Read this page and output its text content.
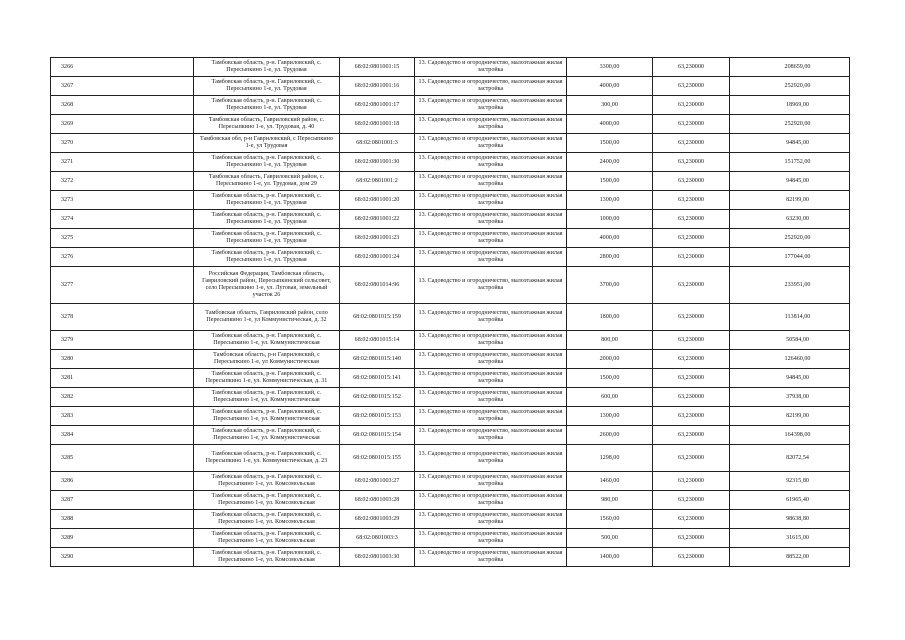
3266	Тамбовская область, р-н. Гавриловский, с. Пересыпкино 1-е, ул. Трудовая	68:02:0801001:15	13. Садоводство и огородничество, малоэтажная жилая застройка	3300,00	63,230000	208659,00
3267	Тамбовская область, р-н. Гавриловский, с. Пересыпкино 1-е, ул. Трудовая	68:02:0801001:16	13. Садоводство и огородничество, малоэтажная жилая застройка	4000,00	63,230000	252920,00
3268	Тамбовская область, р-н. Гавриловский, с. Пересыпкино 1-е, ул. Трудовая	68:02:0801001:17	13. Садоводство и огородничество, малоэтажная жилая застройка	300,00	63,230000	18969,00
3269	Тамбовская область, Гавриловский район, с. Пересыпкино 1-е, ул. Трудовая, д. 40	68:02:0801001:18	13. Садоводство и огородничество, малоэтажная жилая застройка	4000,00	63,230000	252920,00
3270	Тамбовская обл, р-н Гавриловский, с Пересыпкино 1-е, ул Трудовая	68:02:0801001:3	13. Садоводство и огородничество, малоэтажная жилая застройка	1500,00	63,230000	94845,00
3271	Тамбовская область, р-н. Гавриловский, с. Пересыпкино 1-е, ул. Трудовая	68:02:0801001:30	13. Садоводство и огородничество, малоэтажная жилая застройка	2400,00	63,230000	151752,00
3272	Тамбовская область, Гавриловский район, с. Пересыпкино 1-е, ул. Трудовая, дом 29	68:02:0801001:2	13. Садоводство и огородничество, малоэтажная жилая застройка	1500,00	63,230000	94845,00
3273	Тамбовская область, р-н. Гавриловский, с. Пересыпкино 1-е, ул. Трудовая	68:02:0801001:20	13. Садоводство и огородничество, малоэтажная жилая застройка	1300,00	63,230000	82199,00
3274	Тамбовская область, р-н. Гавриловский, с. Пересыпкино 1-е, ул. Трудовая	68:02:0801001:22	13. Садоводство и огородничество, малоэтажная жилая застройка	1000,00	63,230000	63230,00
3275	Тамбовская область, р-н. Гавриловский, с. Пересыпкино 1-е, ул. Трудовая	68:02:0801001:23	13. Садоводство и огородничество, малоэтажная жилая застройка	4000,00	63,230000	252920,00
3276	Тамбовская область, р-н. Гавриловский, с. Пересыпкино 1-е, ул. Трудовая	68:02:0801001:24	13. Садоводство и огородничество, малоэтажная жилая застройка	2800,00	63,230000	177044,00
3277	Российская Федерация, Тамбовская область, Гавриловский район, Пересыпкинский сельсовет, село Пересыпкино 1-е, ул. Луговая, земельный участок 26	68:02:0801014:96	13. Садоводство и огородничество, малоэтажная жилая застройка	3700,00	63,230000	233951,00
3278	Тамбовская область, Гавриловский район, село Пересыпкино 1-е, ул Коммунистическая, д. 32	68:02:0801015:159	13. Садоводство и огородничество, малоэтажная жилая застройка	1800,00	63,230000	113814,00
3279	Тамбовская область, р-н. Гавриловский, с. Пересыпкино 1-е, ул. Коммунистическая	68:02:0801015:14	13. Садоводство и огородничество, малоэтажная жилая застройка	800,00	63,230000	50584,00
3280	Тамбовская область, р-н Гавриловский, с Пересыпкино 1-е, ул Коммунистическая	68:02:0801015:140	13. Садоводство и огородничество, малоэтажная жилая застройка	2000,00	63,230000	126460,00
3281	Тамбовская область, р-н. Гавриловский, с. Пересыпкино 1-е, ул. Коммунистическая, д. 31	68:02:0801015:141	13. Садоводство и огородничество, малоэтажная жилая застройка	1500,00	63,230000	94845,00
3282	Тамбовская область, р-н. Гавриловский, с. Пересыпкино 1-е, ул. Коммунистическая	68:02:0801015:152	13. Садоводство и огородничество, малоэтажная жилая застройка	600,00	63,230000	37938,00
3283	Тамбовская область, р-н. Гавриловский, с. Пересыпкино 1-е, ул. Коммунистическая	68:02:0801015:153	13. Садоводство и огородничество, малоэтажная жилая застройка	1300,00	63,230000	82199,00
3284	Тамбовская область, р-н. Гавриловский, с. Пересыпкино 1-е, ул. Коммунистическая	68:02:0801015:154	13. Садоводство и огородничество, малоэтажная жилая застройка	2600,00	63,230000	164398,00
3285	Тамбовская область, р-н. Гавриловский, с. Пересыпкино 1-е, ул. Коммунистическая, д. 23	68:02:0801015:155	13. Садоводство и огородничество, малоэтажная жилая застройка	1298,00	63,230000	82072,54
3286	Тамбовская область, р-н. Гавриловский, с. Пересыпкино 1-е, ул. Комсомольская	68:02:0801003:27	13. Садоводство и огородничество, малоэтажная жилая застройка	1460,00	63,230000	92315,80
3287	Тамбовская область, р-н. Гавриловский, с. Пересыпкино 1-е, ул. Комсомольская	68:02:0801003:28	13. Садоводство и огородничество, малоэтажная жилая застройка	980,00	63,230000	61965,40
3288	Тамбовская область, р-н. Гавриловский, с. Пересыпкино 1-е, ул. Комсомольская	68:02:0801003:29	13. Садоводство и огородничество, малоэтажная жилая застройка	1560,00	63,230000	98638,80
3289	Тамбовская область, р-н. Гавриловский, с. Пересыпкино 1-е, ул. Комсомольская	68:02:0801003:3	13. Садоводство и огородничество, малоэтажная жилая застройка	500,00	63,230000	31615,00
3290	Тамбовская область, р-н. Гавриловский, с. Пересыпкино 1-е, ул. Комсомольская	68:02:0801003:30	13. Садоводство и огородничество, малоэтажная жилая застройка	1400,00	63,230000	88522,00
